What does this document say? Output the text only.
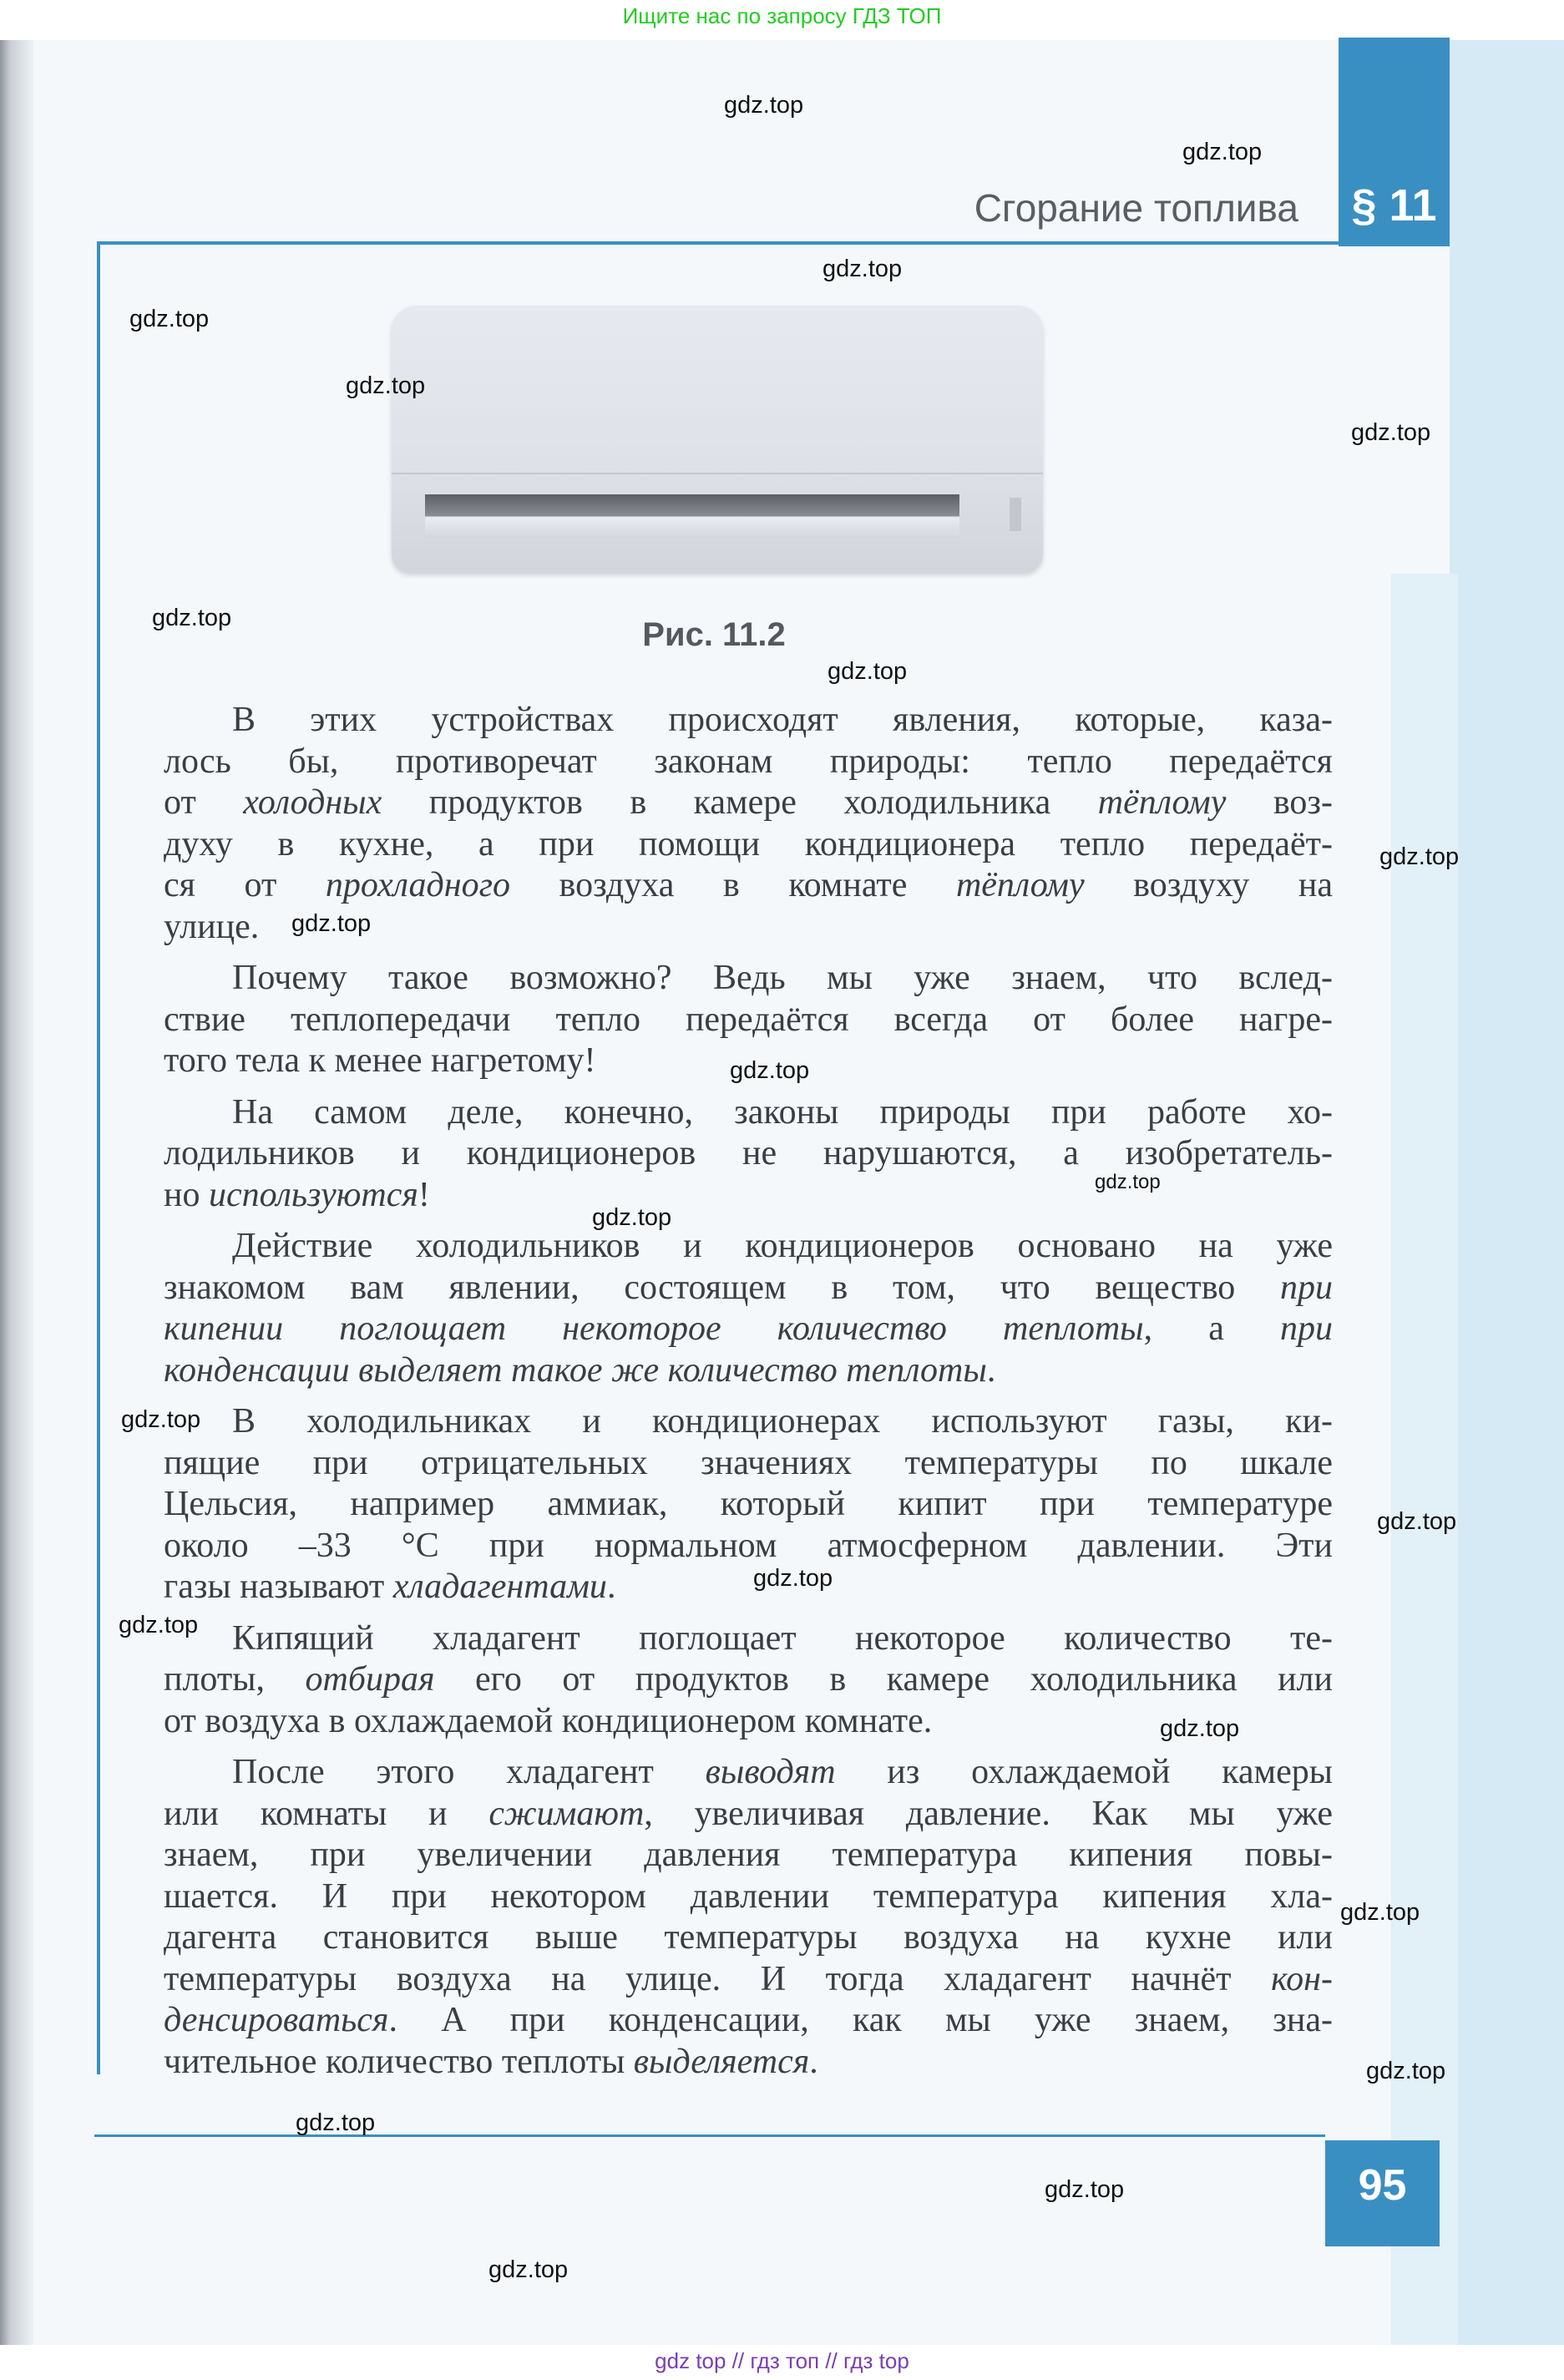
Ищите нас по запросу ГДЗ ТОП
§ 11
Сгорание топлива
Рис. 11.2
В этих устройствах происходят явления, которые, каза-
лось бы, противоречат законам природы: тепло передаётся
от холодных продуктов в камере холодильника тёплому воз-
духу в кухне, а при помощи кондиционера тепло передаёт-
ся от прохладного воздуха в комнате тёплому воздуху на
улице.
Почему такое возможно? Ведь мы уже знаем, что вслед-
ствие теплопередачи тепло передаётся всегда от более нагре-
того тела к менее нагретому!
На самом деле, конечно, законы природы при работе хо-
лодильников и кондиционеров не нарушаются, а изобретатель-
но используются!
Действие холодильников и кондиционеров основано на уже
знакомом вам явлении, состоящем в том, что вещество при
кипении поглощает некоторое количество теплоты, а при
конденсации выделяет такое же количество теплоты.
В холодильниках и кондиционерах используют газы, ки-
пящие при отрицательных значениях температуры по шкале
Цельсия, например аммиак, который кипит при температуре
около –33 °C при нормальном атмосферном давлении. Эти
газы называют хладагентами.
Кипящий хладагент поглощает некоторое количество те-
плоты, отбирая его от продуктов в камере холодильника или
от воздуха в охлаждаемой кондиционером комнате.
После этого хладагент выводят из охлаждаемой камеры
или комнаты и сжимают, увеличивая давление. Как мы уже
знаем, при увеличении давления температура кипения повы-
шается. И при некотором давлении температура кипения хла-
дагента становится выше температуры воздуха на кухне или
температуры воздуха на улице. И тогда хладагент начнёт кон-
денсироваться. А при конденсации, как мы уже знаем, зна-
чительное количество теплоты выделяется.
95
gdz top // гдз топ // гдз top
gdz.top
gdz.top
gdz.top
gdz.top
gdz.top
gdz.top
gdz.top
gdz.top
gdz.top
gdz.top
gdz.top
gdz.top
gdz.top
gdz.top
gdz.top
gdz.top
gdz.top
gdz.top
gdz.top
gdz.top
gdz.top
gdz.top
gdz.top
